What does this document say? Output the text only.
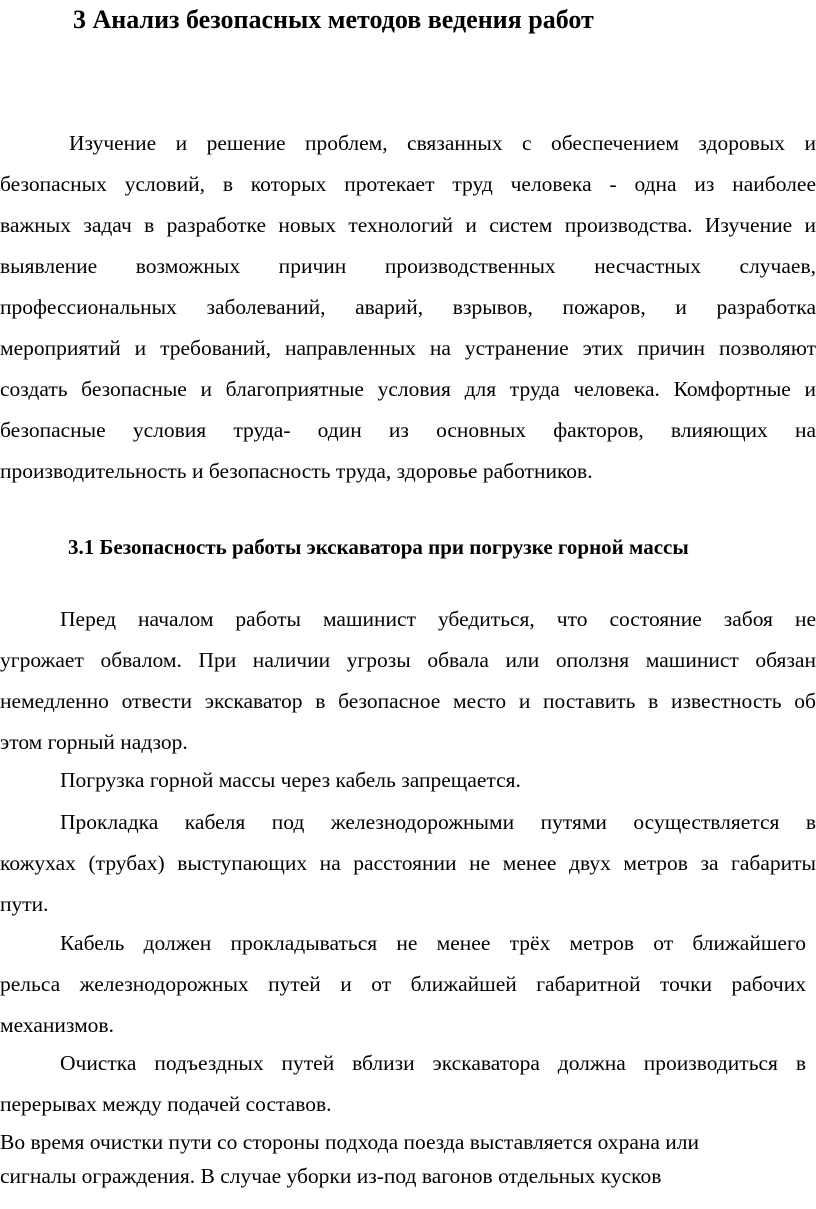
3 Анализ безопасных методов ведения работ
Изучение и решение проблем, связанных с обеспечением здоровых и
безопасных условий, в которых протекает труд человека - одна из наиболее
важных задач в разработке новых технологий и систем производства. Изучение и
выявление возможных причин производственных несчастных случаев,
профессиональных заболеваний, аварий, взрывов, пожаров, и разработка
мероприятий и требований, направленных на устранение этих причин позволяют
создать безопасные и благоприятные условия для труда человека. Комфортные и
безопасные условия труда- один из основных факторов, влияющих на
производительность и безопасность труда, здоровье работников.
3.1 Безопасность работы экскаватора при погрузке горной массы
Перед началом работы машинист убедиться, что состояние забоя не
угрожает обвалом. При наличии угрозы обвала или оползня машинист обязан
немедленно отвести экскаватор в безопасное место и поставить в известность об
этом горный надзор.
Погрузка горной массы через кабель запрещается.
Прокладка кабеля под железнодорожными путями осуществляется в
кожухах (трубах) выступающих на расстоянии не менее двух метров за габариты
пути.
Кабель должен прокладываться не менее трёх метров от ближайшего
рельса железнодорожных путей и от ближайшей габаритной точки рабочих
механизмов.
Очистка подъездных путей вблизи экскаватора должна производиться в
перерывах между подачей составов.
Во время очистки пути со стороны подхода поезда выставляется охрана или
сигналы ограждения. В случае уборки из-под вагонов отдельных кусков
